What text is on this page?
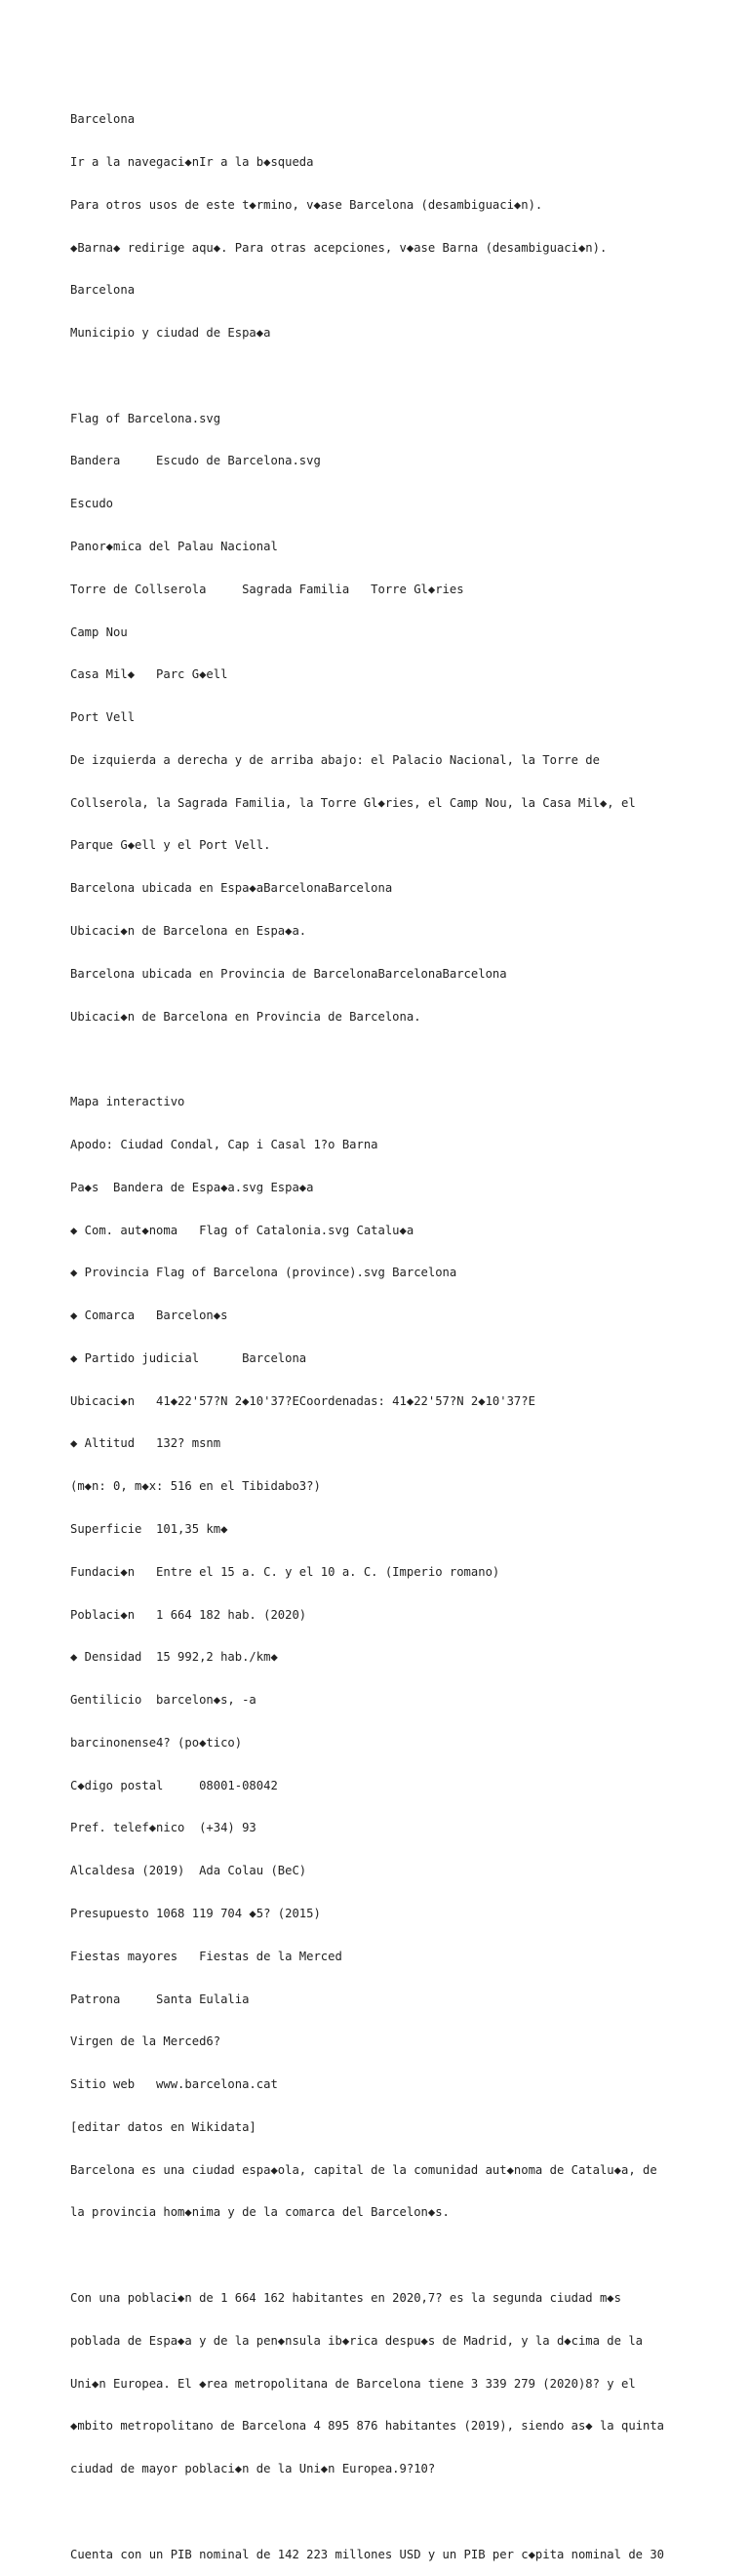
Barcelona

Ir a la navegaci◆nIr a la b◆squeda

Para otros usos de este t◆rmino, v◆ase Barcelona (desambiguaci◆n).

◆Barna◆ redirige aqu◆. Para otras acepciones, v◆ase Barna (desambiguaci◆n).

Barcelona

Municipio y ciudad de Espa◆a

Flag of Barcelona.svg

Bandera     Escudo de Barcelona.svg

Escudo

Panor◆mica del Palau Nacional

Torre de Collserola     Sagrada Familia   Torre Gl◆ries

Camp Nou

Casa Mil◆   Parc G◆ell

Port Vell

De izquierda a derecha y de arriba abajo: el Palacio Nacional, la Torre de

Collserola, la Sagrada Familia, la Torre Gl◆ries, el Camp Nou, la Casa Mil◆, el

Parque G◆ell y el Port Vell.

Barcelona ubicada en Espa◆aBarcelonaBarcelona

Ubicaci◆n de Barcelona en Espa◆a.

Barcelona ubicada en Provincia de BarcelonaBarcelonaBarcelona

Ubicaci◆n de Barcelona en Provincia de Barcelona.

Mapa interactivo

Apodo: Ciudad Condal, Cap i Casal 1?o Barna

Pa◆s  Bandera de Espa◆a.svg Espa◆a

◆ Com. aut◆noma   Flag of Catalonia.svg Catalu◆a

◆ Provincia Flag of Barcelona (province).svg Barcelona

◆ Comarca   Barcelon◆s

◆ Partido judicial      Barcelona

Ubicaci◆n   41◆22'57?N 2◆10'37?ECoordenadas: 41◆22'57?N 2◆10'37?E

◆ Altitud   132? msnm

(m◆n: 0, m◆x: 516 en el Tibidabo3?)

Superficie  101,35 km◆

Fundaci◆n   Entre el 15 a. C. y el 10 a. C. (Imperio romano)

Poblaci◆n   1 664 182 hab. (2020)

◆ Densidad  15 992,2 hab./km◆

Gentilicio  barcelon◆s, -a

barcinonense4? (po◆tico)

C◆digo postal     08001-08042

Pref. telef◆nico  (+34) 93

Alcaldesa (2019)  Ada Colau (BeC)

Presupuesto 1068 119 704 ◆5? (2015)

Fiestas mayores   Fiestas de la Merced

Patrona     Santa Eulalia

Virgen de la Merced6?

Sitio web   www.barcelona.cat

[editar datos en Wikidata]

Barcelona es una ciudad espa◆ola, capital de la comunidad aut◆noma de Catalu◆a, de

la provincia hom◆nima y de la comarca del Barcelon◆s.

Con una poblaci◆n de 1 664 162 habitantes en 2020,7? es la segunda ciudad m◆s

poblada de Espa◆a y de la pen◆nsula ib◆rica despu◆s de Madrid, y la d◆cima de la

Uni◆n Europea. El ◆rea metropolitana de Barcelona tiene 3 339 279 (2020)8? y el

◆mbito metropolitano de Barcelona 4 895 876 habitantes (2019), siendo as◆ la quinta

ciudad de mayor poblaci◆n de la Uni◆n Europea.9?10?

Cuenta con un PIB nominal de 142 223 millones USD y un PIB per c◆pita nominal de 30
